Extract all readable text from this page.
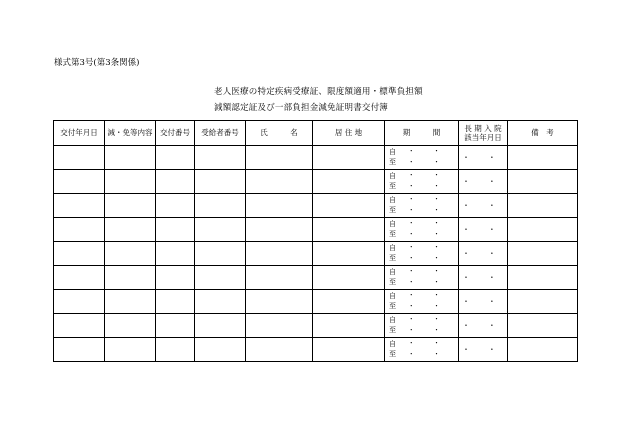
様式第3号(第3条関係)
老人医療の特定疾病受療証、限度額適用・標準負担額
減額認定証及び一部負担金減免証明書交付簿
交付年月日	減・免等内容	交付番号	受給者番号	氏　　　名	居 住 地	期　　　間	長 期 入 院
該当年月日	備　考

						自 ・ ・
至 ・ ・	・ ・	

						自 ・ ・
至 ・ ・	・ ・	

						自 ・ ・
至 ・ ・	・ ・	

						自 ・ ・
至 ・ ・	・ ・	

						自 ・ ・
至 ・ ・	・ ・	

						自 ・ ・
至 ・ ・	・ ・	

						自 ・ ・
至 ・ ・	・ ・	

						自 ・ ・
至 ・ ・	・ ・	

						自 ・ ・
至 ・ ・	・ ・	
